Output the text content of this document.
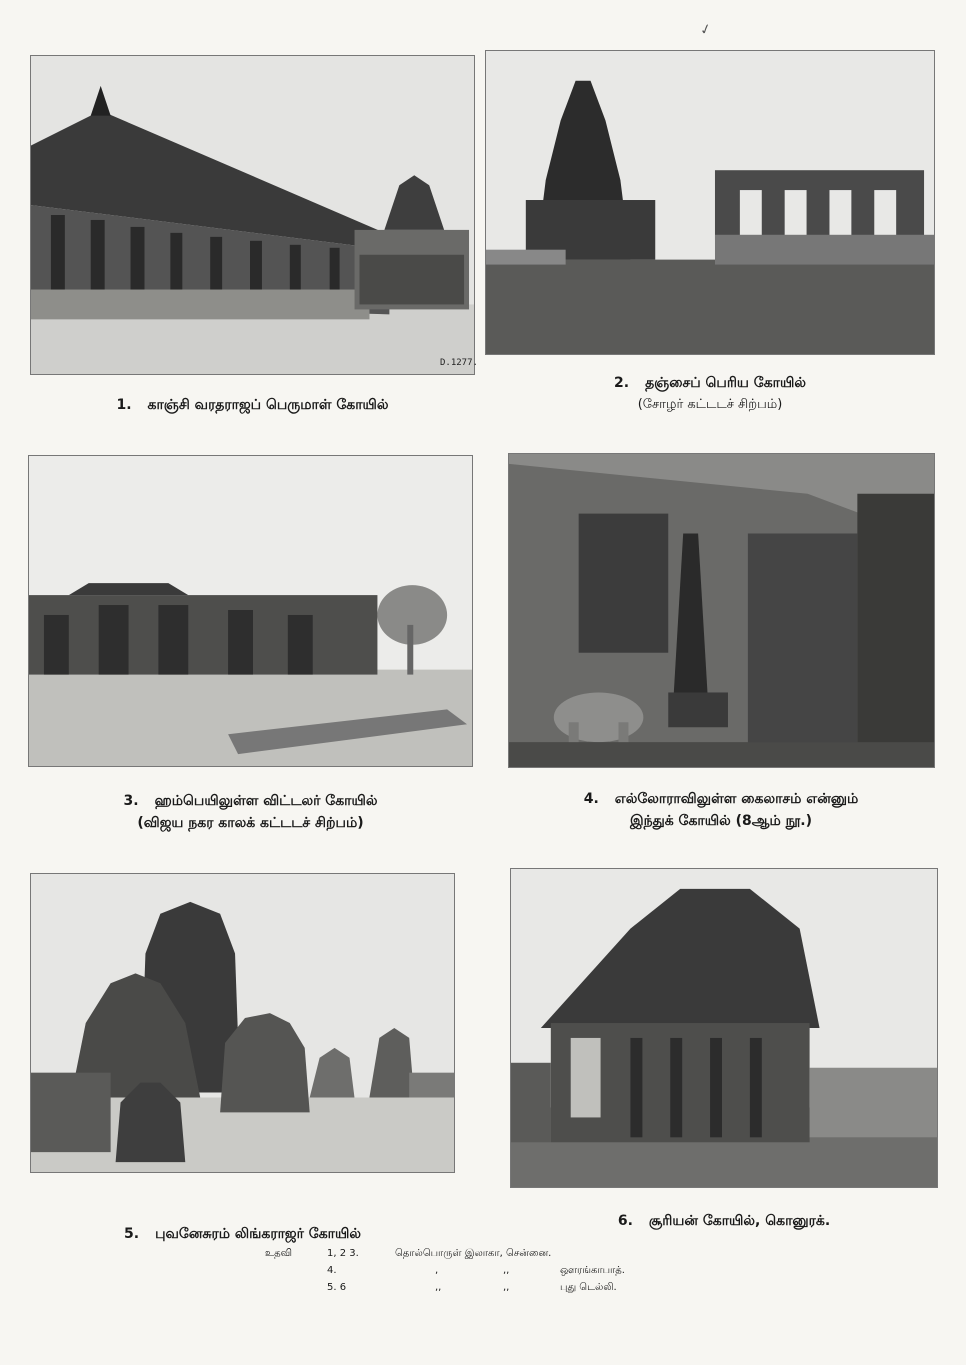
✓
D.1277.
1. காஞ்சி வரதராஜப் பெருமாள் கோயில்
2. தஞ்சைப் பெரிய கோயில்
(சோழர் கட்டடச் சிற்பம்)
3. ஹம்பெயிலுள்ள விட்டலர் கோயில்
(விஜய நகர காலக் கட்டடச் சிற்பம்)
4. எல்லோராவிலுள்ள கைலாசம் என்னும்
இந்துக் கோயில் (8ஆம் நூ.)
5. புவனேசுரம் லிங்கராஜர் கோயில்
6. சூரியன் கோயில், கொனுரக்.
உதவி	1, 2 3.	தொல்பொருள் இலாகா, சென்னை.
4.	,	,,	ஔரங்காபாத்.
5. 6	,,	,,	புது டெல்லி.
